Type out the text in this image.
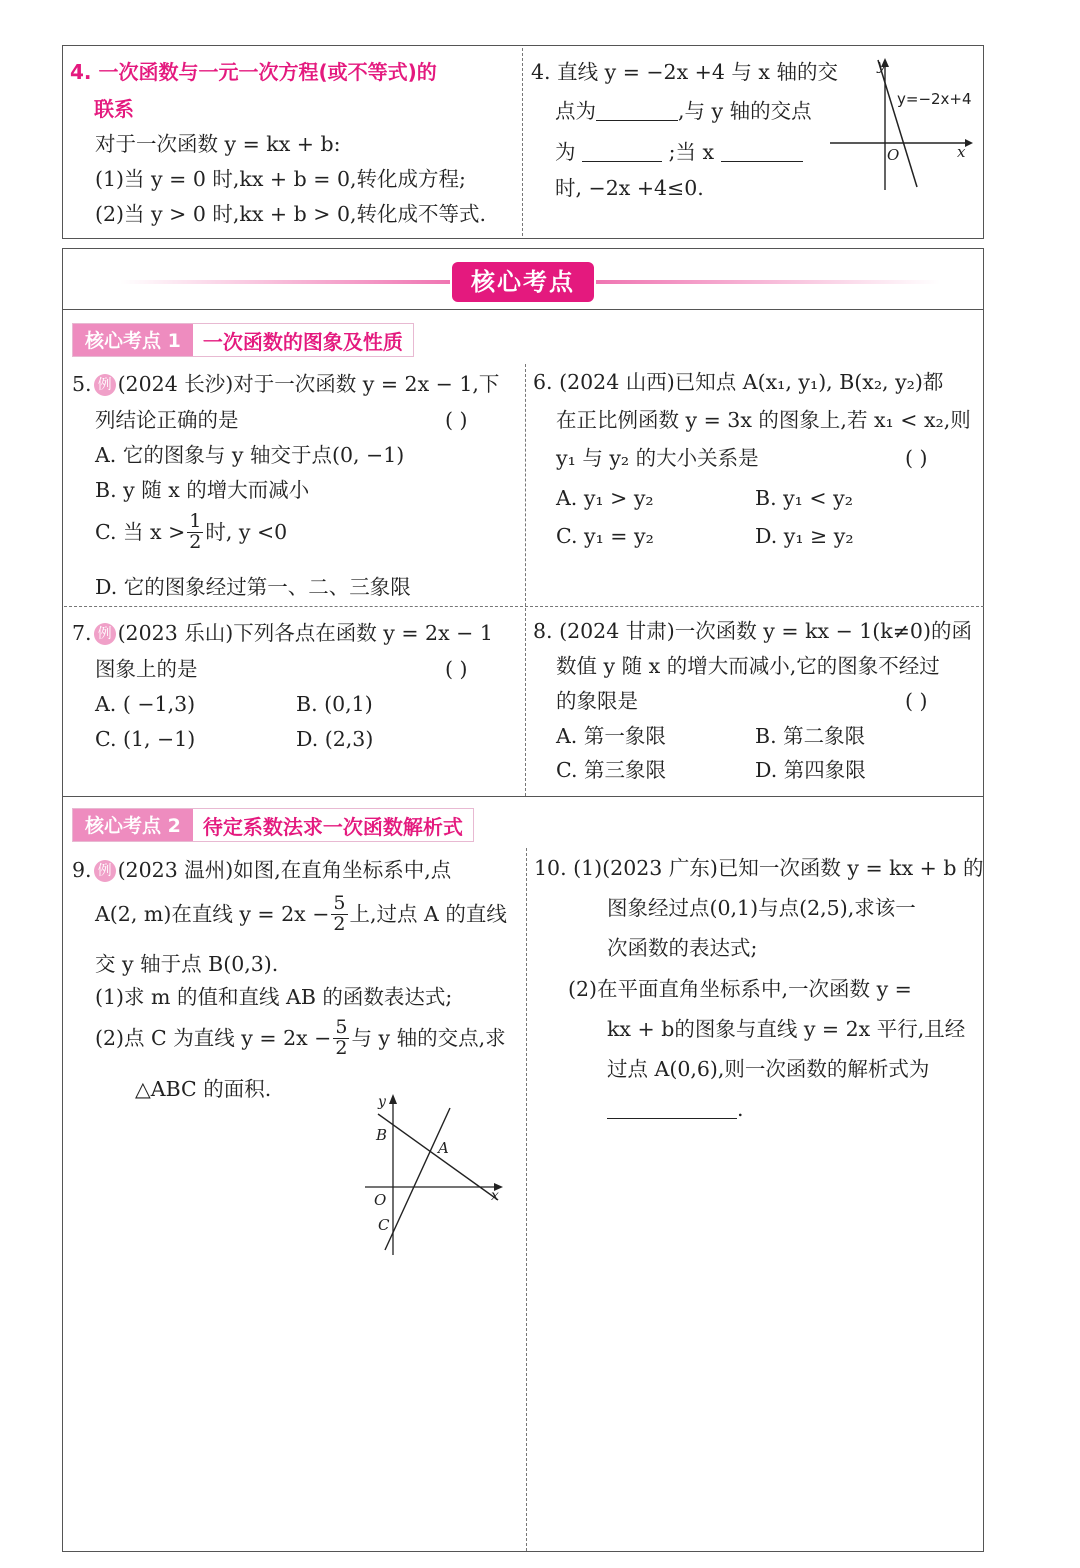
4. 一次函数与一元一次方程(或不等式)的
联系
对于一次函数 y = kx + b:
(1)当 y = 0 时,kx + b = 0,转化成方程;
(2)当 y > 0 时,kx + b > 0,转化成不等式.
4. 直线 y = −2x +4 与 x 轴的交
点为	,与 y 轴的交点
为	;当 x
时, −2x +4≤0.
y=−2x+4
x
y
O
核心考点
核心考点 1	一次函数的图象及性质
5. 例 (2024 长沙)对于一次函数 y = 2x − 1,下
列结论正确的是	( )
A. 它的图象与 y 轴交于点(0, −1)
B. y 随 x 的增大而减小
C. 当 $x > \frac{1}{2}$ 时, y <0
D. 它的图象经过第一、二、三象限
6. (2024 山西)已知点 A(x₁, y₁), B(x₂, y₂)都
在正比例函数 y = 3x 的图象上,若 x₁ < x₂,则
y₁ 与 y₂ 的大小关系是	( )
A. y₁ > y₂	B. y₁ < y₂
C. y₁ = y₂	D. y₁ ≥ y₂
7. 例 (2023 乐山)下列各点在函数 y = 2x − 1
图象上的是	( )
A. ( −1,3)	B. (0,1)
C. (1, −1)	D. (2,3)
8. (2024 甘肃)一次函数 y = kx − 1(k≠0)的函
数值 y 随 x 的增大而减小,它的图象不经过
的象限是	( )
A. 第一象限	B. 第二象限
C. 第三象限	D. 第四象限
核心考点 2	待定系数法求一次函数解析式
9. 例 (2023 温州)如图,在直角坐标系中,点
A(2, m)在直线 $y = 2x - \frac{5}{2}$ 上,过点 A 的直线
交 y 轴于点 B(0,3).
(1)求 m 的值和直线 AB 的函数表达式;
(2)点 C 为直线 $y = 2x - \frac{5}{2}$ 与 y 轴的交点,求
△ABC 的面积.
y
x
B
A
O
C
10. (1)(2023 广东)已知一次函数 y = kx + b 的
图象经过点(0,1)与点(2,5),求该一
次函数的表达式;
(2)在平面直角坐标系中,一次函数 y =
kx + b的图象与直线 y = 2x 平行,且经
过点 A(0,6),则一次函数的解析式为
.
